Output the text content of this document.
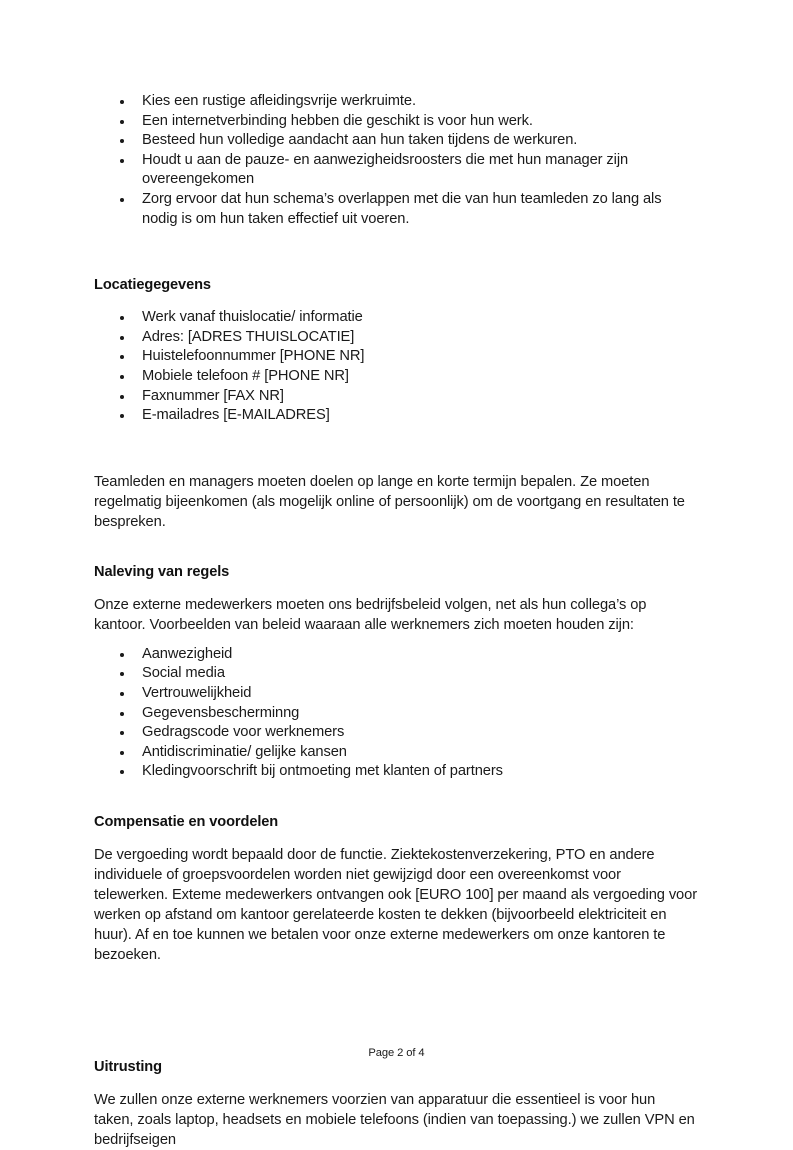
Kies een rustige afleidingsvrije werkruimte.
Een internetverbinding hebben die geschikt is voor hun werk.
Besteed hun volledige aandacht aan hun taken tijdens de werkuren.
Houdt u aan de pauze- en aanwezigheidsroosters die met hun manager zijn overeengekomen
Zorg ervoor dat hun schema’s overlappen met die van hun teamleden zo lang als nodig is om hun taken effectief uit voeren.
Locatiegegevens
Werk vanaf thuislocatie/ informatie
Adres: [ADRES THUISLOCATIE]
Huistelefoonnummer [PHONE NR]
Mobiele telefoon # [PHONE NR]
Faxnummer [FAX NR]
E-mailadres [E-MAILADRES]

Teamleden en managers moeten doelen op lange en korte termijn bepalen. Ze moeten regelmatig bijeenkomen (als mogelijk online of persoonlijk) om de voortgang en resultaten te bespreken.

Naleving van regels

Onze externe medewerkers moeten ons bedrijfsbeleid volgen, net als hun collega’s op kantoor. Voorbeelden van beleid waaraan alle werknemers zich moeten houden zijn:

Aanwezigheid
Social media
Vertrouwelijkheid
Gegevensbescherminng
Gedragscode voor werknemers
Antidiscriminatie/ gelijke kansen
Kledingvoorschrift bij ontmoeting met klanten of partners
Compensatie en voordelen

De vergoeding wordt bepaald door de functie. Ziektekostenverzekering, PTO en andere individuele of groepsvoordelen worden niet gewijzigd door een overeenkomst voor telewerken. Exteme medewerkers ontvangen ook [EURO 100] per maand als vergoeding voor werken op afstand om kantoor gerelateerde kosten te dekken (bijvoorbeeld elektriciteit en huur). Af en toe kunnen we betalen voor onze externe medewerkers om onze kantoren te bezoeken.

Uitrusting

We zullen onze externe werknemers voorzien van apparatuur die essentieel is voor hun taken, zoals laptop, headsets en mobiele telefoons (indien van toepassing.) we zullen VPN en bedrijfseigen

Page 2 of 4
